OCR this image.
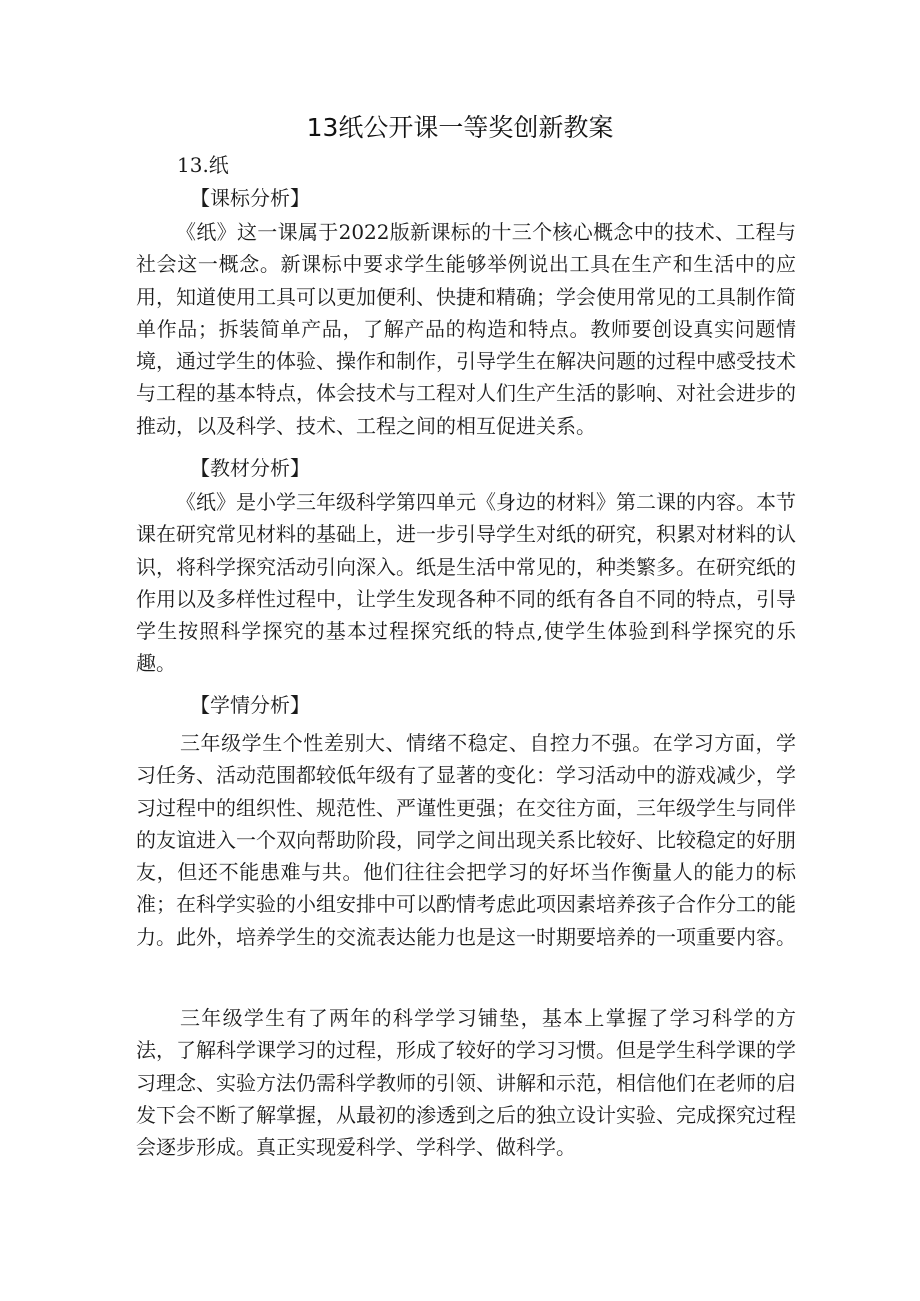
13纸公开课一等奖创新教案
13.纸
【课标分析】

《纸》这一课属于2022版新课标的十三个核心概念中的技术、工程与社会这一概念。新课标中要求学生能够举例说出工具在生产和生活中的应用，知道使用工具可以更加便利、快捷和精确；学会使用常见的工具制作简单作品；拆装简单产品，了解产品的构造和特点。教师要创设真实问题情境，通过学生的体验、操作和制作，引导学生在解决问题的过程中感受技术与工程的基本特点，体会技术与工程对人们生产生活的影响、对社会进步的推动，以及科学、技术、工程之间的相互促进关系。

【教材分析】

《纸》是小学三年级科学第四单元《身边的材料》第二课的内容。本节课在研究常见材料的基础上，进一步引导学生对纸的研究，积累对材料的认识，将科学探究活动引向深入。纸是生活中常见的，种类繁多。在研究纸的作用以及多样性过程中，让学生发现各种不同的纸有各自不同的特点，引导学生按照科学探究的基本过程探究纸的特点,使学生体验到科学探究的乐趣。

【学情分析】

三年级学生个性差别大、情绪不稳定、自控力不强。在学习方面，学习任务、活动范围都较低年级有了显著的变化：学习活动中的游戏减少，学习过程中的组织性、规范性、严谨性更强；在交往方面，三年级学生与同伴的友谊进入一个双向帮助阶段，同学之间出现关系比较好、比较稳定的好朋友，但还不能患难与共。他们往往会把学习的好坏当作衡量人的能力的标准；在科学实验的小组安排中可以酌情考虑此项因素培养孩子合作分工的能力。此外，培养学生的交流表达能力也是这一时期要培养的一项重要内容。

三年级学生有了两年的科学学习铺垫，基本上掌握了学习科学的方法，了解科学课学习的过程，形成了较好的学习习惯。但是学生科学课的学习理念、实验方法仍需科学教师的引领、讲解和示范，相信他们在老师的启发下会不断了解掌握，从最初的渗透到之后的独立设计实验、完成探究过程会逐步形成。真正实现爱科学、学科学、做科学。
